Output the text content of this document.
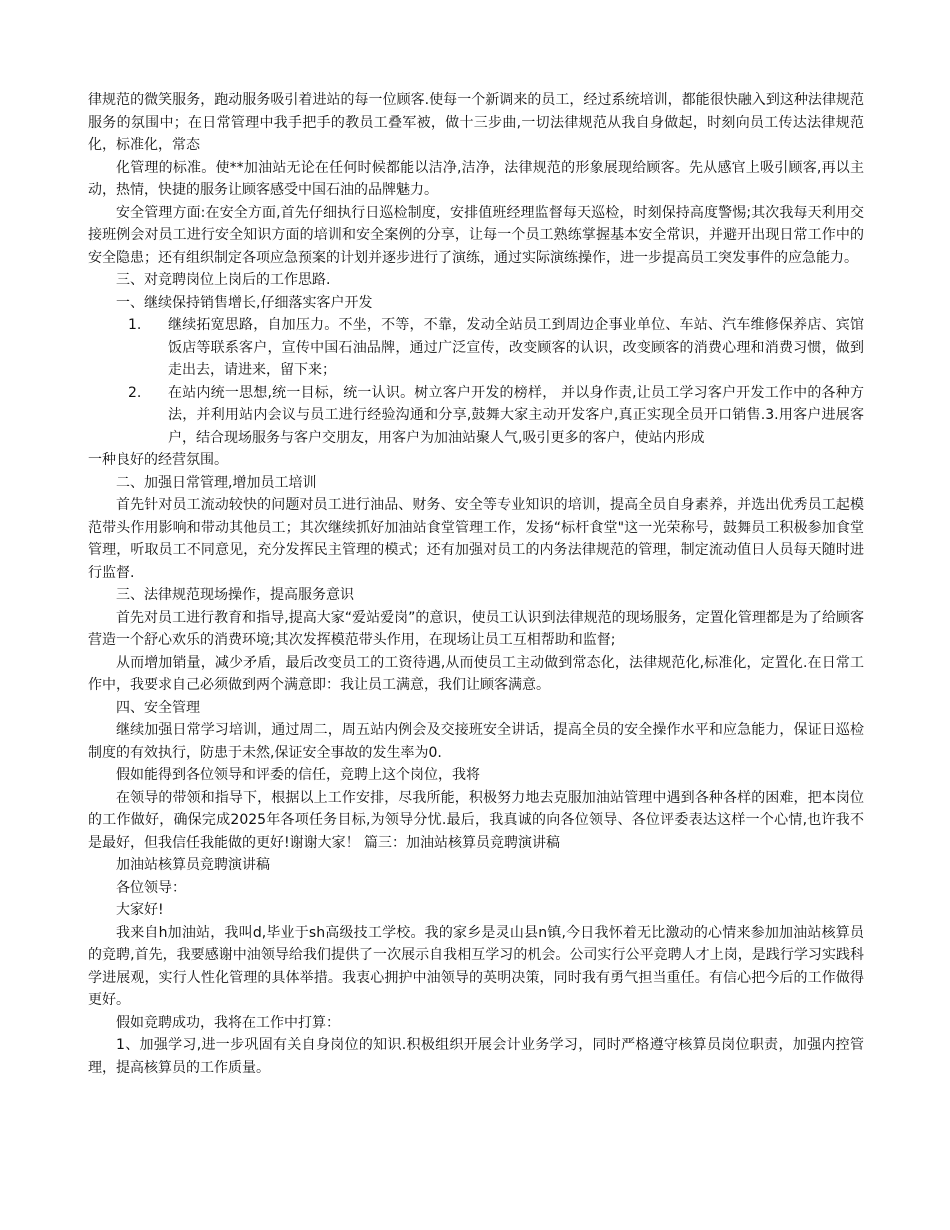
律规范的微笑服务，跑动服务吸引着进站的每一位顾客.使每一个新调来的员工，经过系统培训，都能很快融入到这种法律规范服务的氛围中；在日常管理中我手把手的教员工叠军被，做十三步曲,一切法律规范从我自身做起，时刻向员工传达法律规范化，标准化，常态

化管理的标准。使**加油站无论在任何时候都能以洁净,洁净，法律规范的形象展现给顾客。先从感官上吸引顾客,再以主动，热情，快捷的服务让顾客感受中国石油的品牌魅力。

安全管理方面:在安全方面,首先仔细执行日巡检制度，安排值班经理监督每天巡检，时刻保持高度警惕;其次我每天利用交接班例会对员工进行安全知识方面的培训和安全案例的分享，让每一个员工熟练掌握基本安全常识，并避开出现日常工作中的安全隐患；还有组织制定各项应急预案的计划并逐步进行了演练，通过实际演练操作，进一步提高员工突发事件的应急能力。

三、对竞聘岗位上岗后的工作思路.

一、继续保持销售增长,仔细落实客户开发

1.	继续拓宽思路，自加压力。不坐，不等，不靠，发动全站员工到周边企事业单位、车站、汽车维修保养店、宾馆饭店等联系客户，宣传中国石油品牌，通过广泛宣传，改变顾客的认识，改变顾客的消费心理和消费习惯，做到走出去，请进来，留下来；
2.	在站内统一思想,统一目标，统一认识。树立客户开发的榜样， 并以身作责,让员工学习客户开发工作中的各种方法，并利用站内会议与员工进行经验沟通和分享,鼓舞大家主动开发客户,真正实现全员开口销售.3.用客户进展客户，结合现场服务与客户交朋友，用客户为加油站聚人气,吸引更多的客户，使站内形成

一种良好的经营氛围。

二、加强日常管理,增加员工培训

首先针对员工流动较快的问题对员工进行油品、财务、安全等专业知识的培训，提高全员自身素养，并选出优秀员工起模范带头作用影响和带动其他员工；其次继续抓好加油站食堂管理工作，发扬“标杆食堂"这一光荣称号，鼓舞员工积极参加食堂管理，听取员工不同意见，充分发挥民主管理的模式；还有加强对员工的内务法律规范的管理，制定流动值日人员每天随时进行监督.

三、法律规范现场操作，提高服务意识

首先对员工进行教育和指导,提高大家“爱站爱岗”的意识，使员工认识到法律规范的现场服务，定置化管理都是为了给顾客营造一个舒心欢乐的消费环境;其次发挥模范带头作用，在现场让员工互相帮助和监督;

从而增加销量，减少矛盾，最后改变员工的工资待遇,从而使员工主动做到常态化，法律规范化,标准化，定置化.在日常工作中，我要求自己必须做到两个满意即：我让员工满意，我们让顾客满意。

四、安全管理

继续加强日常学习培训，通过周二，周五站内例会及交接班安全讲话，提高全员的安全操作水平和应急能力，保证日巡检制度的有效执行，防患于未然,保证安全事故的发生率为0.

假如能得到各位领导和评委的信任，竞聘上这个岗位，我将

在领导的带领和指导下，根据以上工作安排，尽我所能，积极努力地去克服加油站管理中遇到各种各样的困难，把本岗位的工作做好，确保完成2025年各项任务目标,为领导分忧.最后，我真诚的向各位领导、各位评委表达这样一个心情,也许我不是最好，但我信任我能做的更好!谢谢大家！ 篇三：加油站核算员竞聘演讲稿

加油站核算员竞聘演讲稿

各位领导：

大家好!

我来自h加油站，我叫d,毕业于sh高级技工学校。我的家乡是灵山县n镇,今日我怀着无比激动的心情来参加加油站核算员的竞聘,首先，我要感谢中油领导给我们提供了一次展示自我相互学习的机会。公司实行公平竞聘人才上岗，是践行学习实践科学进展观，实行人性化管理的具体举措。我衷心拥护中油领导的英明决策，同时我有勇气担当重任。有信心把今后的工作做得更好。

假如竞聘成功，我将在工作中打算：

1、加强学习,进一步巩固有关自身岗位的知识.积极组织开展会计业务学习，同时严格遵守核算员岗位职责，加强内控管理，提高核算员的工作质量。
